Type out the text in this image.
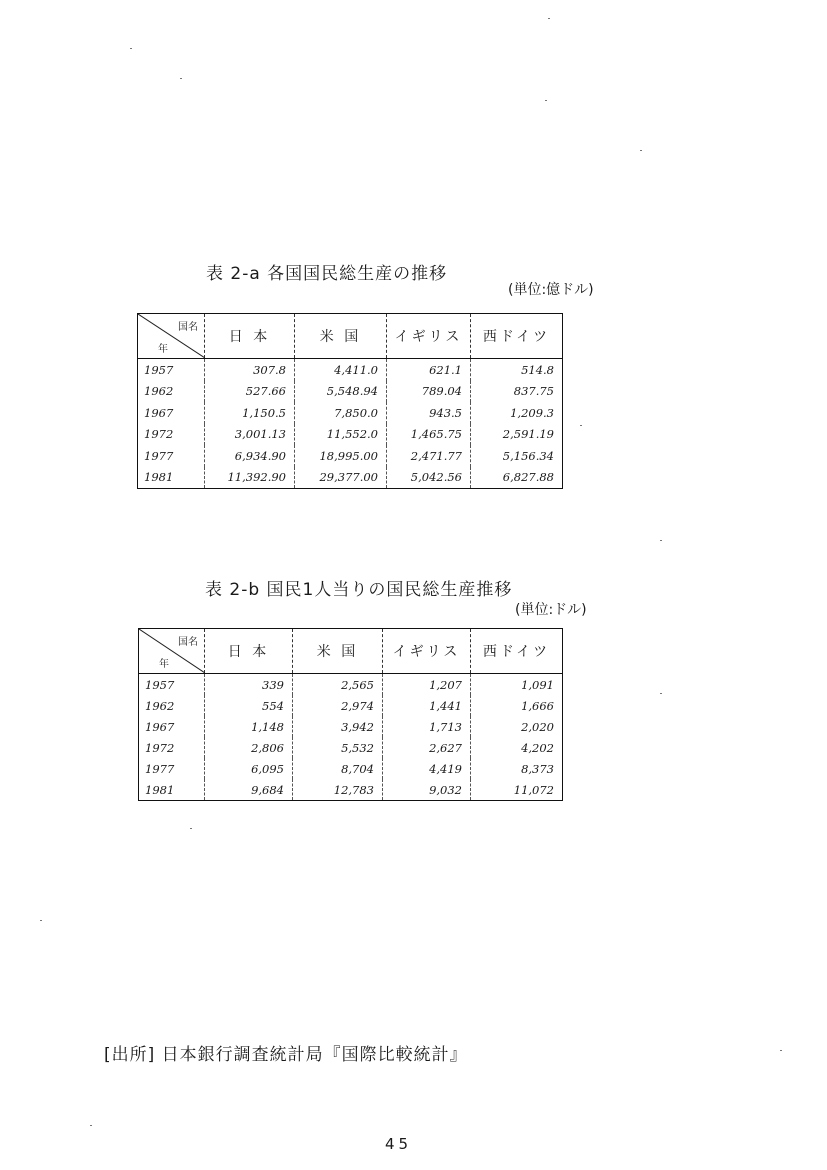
表 2-a 各国国民総生産の推移
(単位:億ドル)
国名
年	日 本	米 国	イギリス	西ドイツ
1957	307.8	4,411.0	621.1	514.8
1962	527.66	5,548.94	789.04	837.75
1967	1,150.5	7,850.0	943.5	1,209.3
1972	3,001.13	11,552.0	1,465.75	2,591.19
1977	6,934.90	18,995.00	2,471.77	5,156.34
1981	11,392.90	29,377.00	5,042.56	6,827.88
表 2-b 国民1人当りの国民総生産推移
(単位:ドル)
国名
年	日 本	米 国	イギリス	西ドイツ
1957	339	2,565	1,207	1,091
1962	554	2,974	1,441	1,666
1967	1,148	3,942	1,713	2,020
1972	2,806	5,532	2,627	4,202
1977	6,095	8,704	4,419	8,373
1981	9,684	12,783	9,032	11,072
[出所] 日本銀行調査統計局『国際比較統計』
45
